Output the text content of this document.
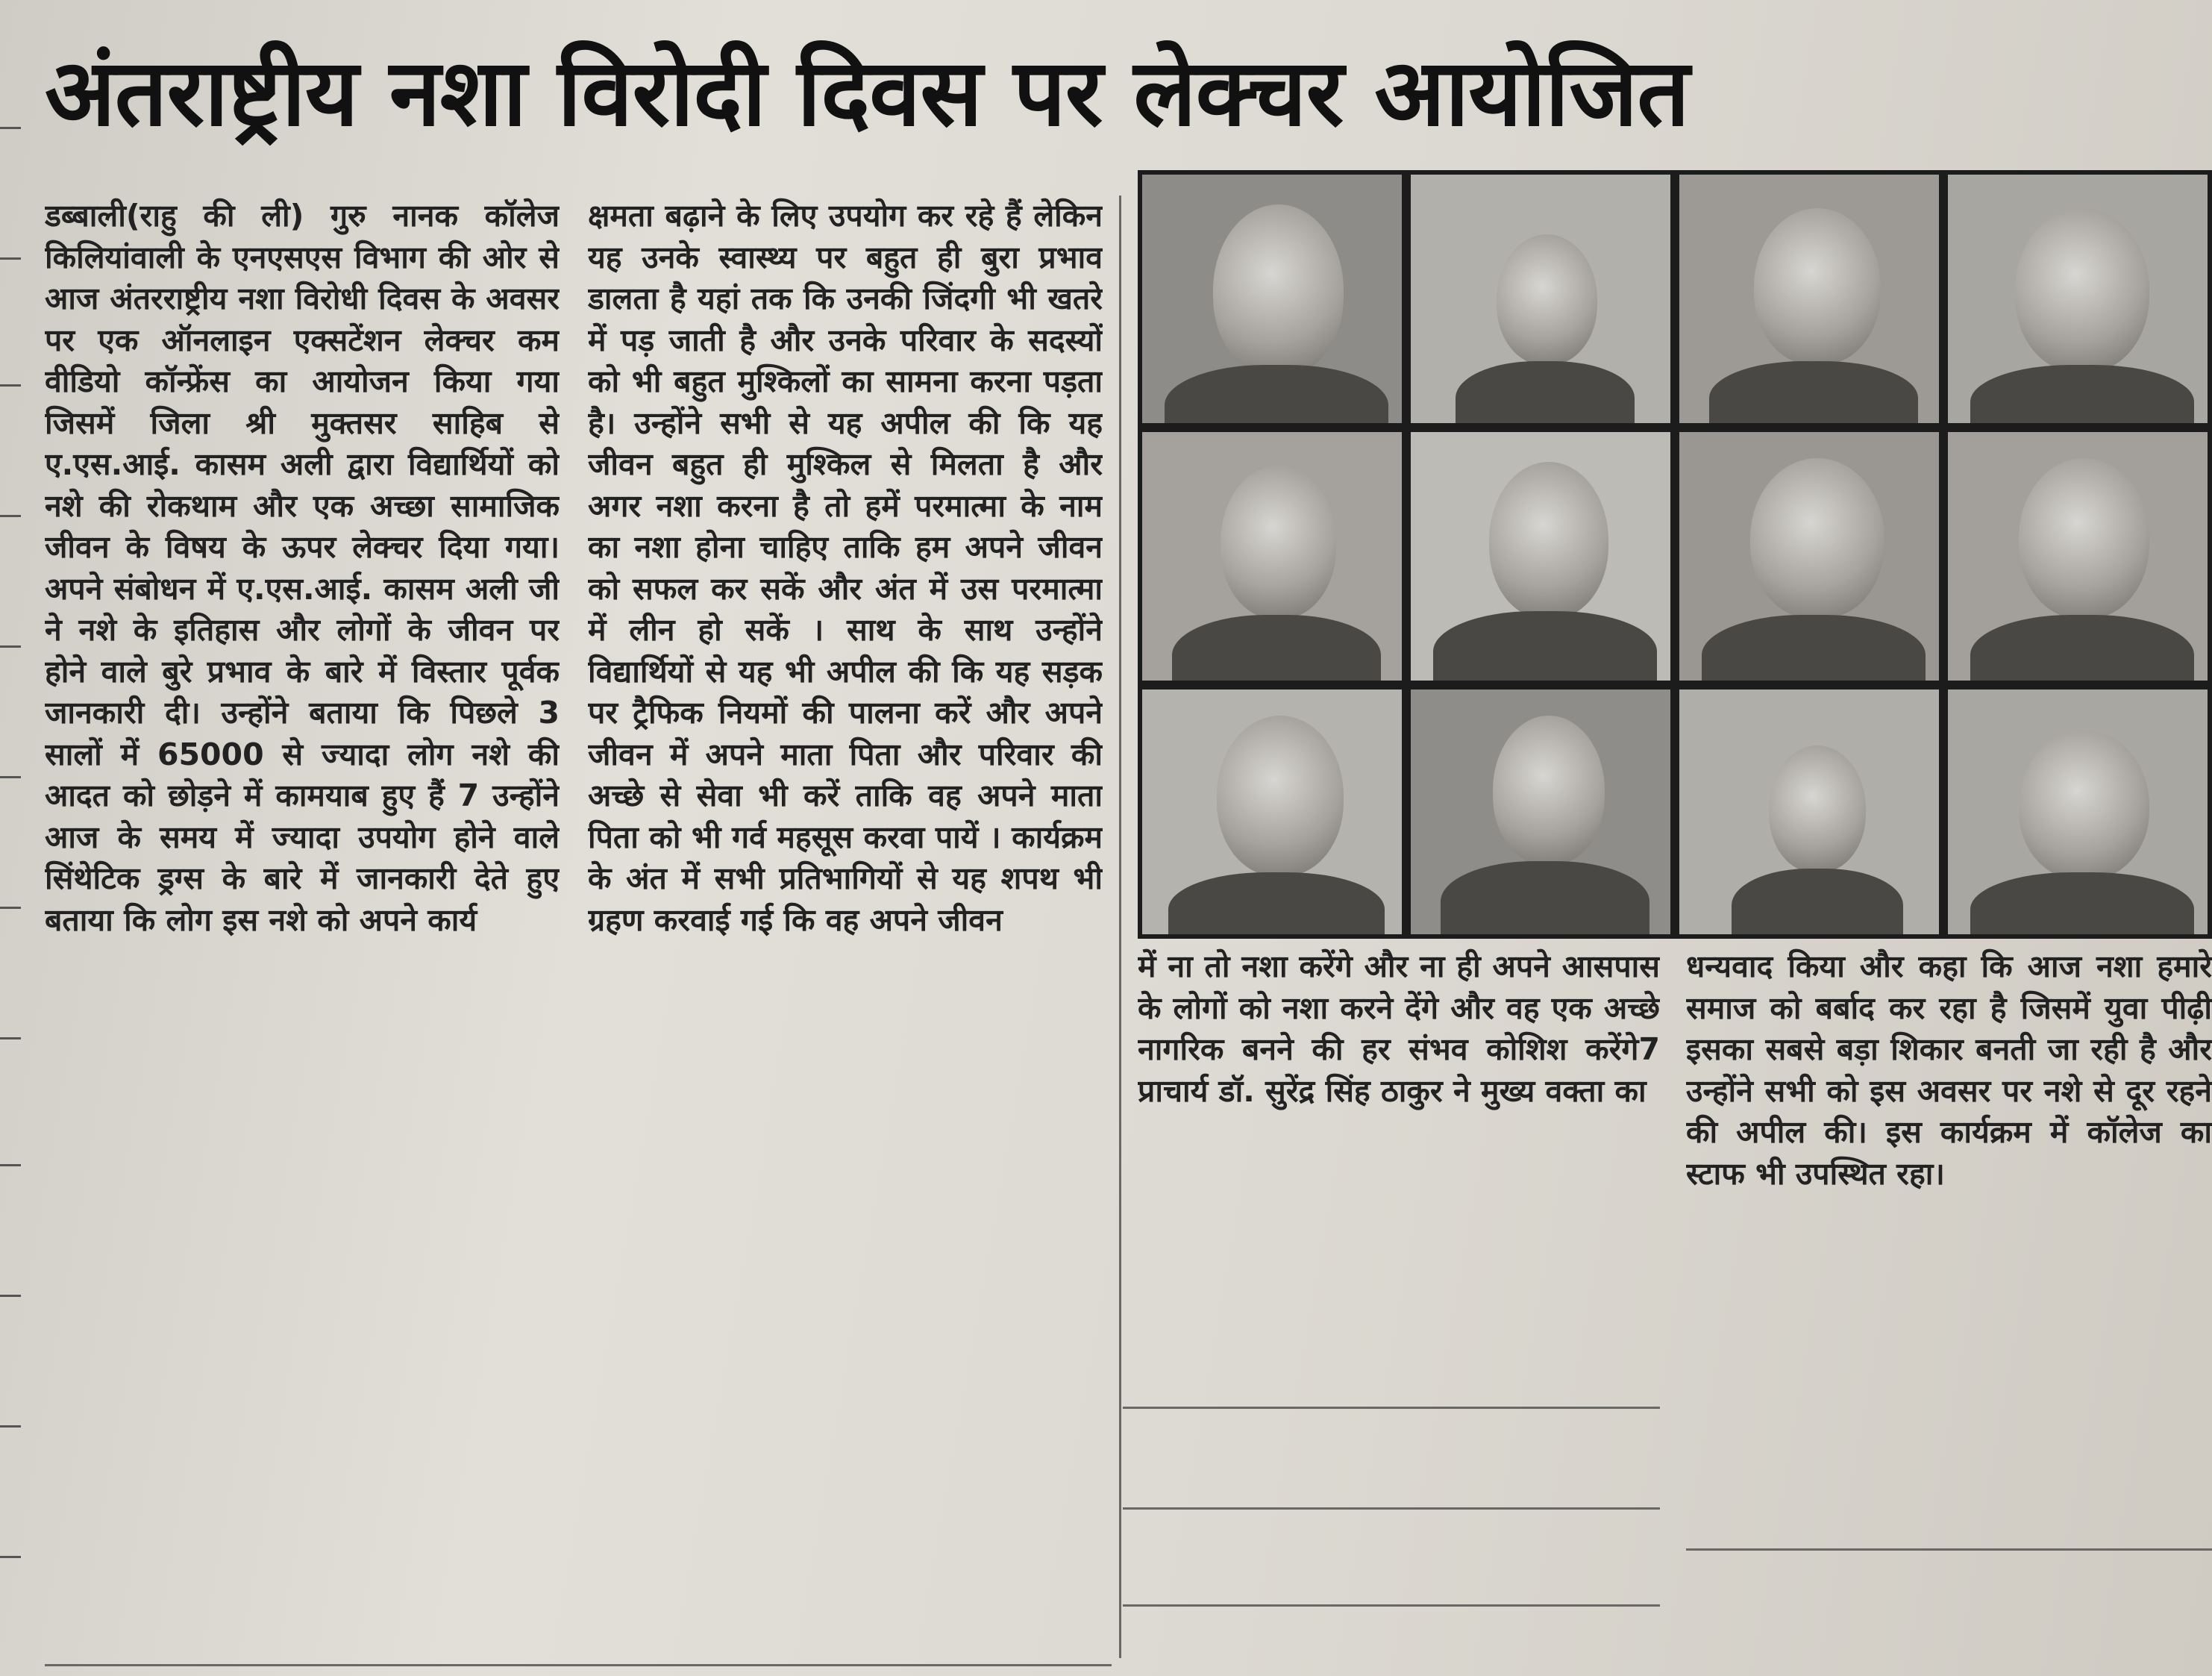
अंतराष्ट्रीय नशा विरोदी दिवस पर लेक्चर आयोजित
डब्बाली(राहु की ली) गुरु नानक कॉलेज किलियांवाली के एनएसएस विभाग की ओर से आज अंतरराष्ट्रीय नशा विरोधी दिवस के अवसर पर एक ऑनलाइन एक्सटेंशन लेक्चर कम वीडियो कॉन्फ्रेंस का आयोजन किया गया जिसमें जिला श्री मुक्तसर साहिब से ए.एस.आई. कासम अली द्वारा विद्यार्थियों को नशे की रोकथाम और एक अच्छा सामाजिक जीवन के विषय के ऊपर लेक्चर दिया गया। अपने संबोधन में ए.एस.आई. कासम अली जी ने नशे के इतिहास और लोगों के जीवन पर होने वाले बुरे प्रभाव के बारे में विस्तार पूर्वक जानकारी दी। उन्होंने बताया कि पिछले 3 सालों में 65000 से ज्यादा लोग नशे की आदत को छोड़ने में कामयाब हुए हैं 7 उन्होंने आज के समय में ज्यादा उपयोग होने वाले सिंथेटिक ड्रग्स के बारे में जानकारी देते हुए बताया कि लोग इस नशे को अपने कार्य
क्षमता बढ़ाने के लिए उपयोग कर रहे हैं लेकिन यह उनके स्वास्थ्य पर बहुत ही बुरा प्रभाव डालता है यहां तक कि उनकी जिंदगी भी खतरे में पड़ जाती है और उनके परिवार के सदस्यों को भी बहुत मुश्किलों का सामना करना पड़ता है। उन्होंने सभी से यह अपील की कि यह जीवन बहुत ही मुश्किल से मिलता है और अगर नशा करना है तो हमें परमात्मा के नाम का नशा होना चाहिए ताकि हम अपने जीवन को सफल कर सकें और अंत में उस परमात्मा में लीन हो सकें । साथ के साथ उन्होंने विद्यार्थियों से यह भी अपील की कि यह सड़क पर ट्रैफिक नियमों की पालना करें और अपने जीवन में अपने माता पिता और परिवार की अच्छे से सेवा भी करें ताकि वह अपने माता पिता को भी गर्व महसूस करवा पायें । कार्यक्रम के अंत में सभी प्रतिभागियों से यह शपथ भी ग्रहण करवाई गई कि वह अपने जीवन
में ना तो नशा करेंगे और ना ही अपने आसपास के लोगों को नशा करने देंगे और वह एक अच्छे नागरिक बनने की हर संभव कोशिश करेंगे7 प्राचार्य डॉ. सुरेंद्र सिंह ठाकुर ने मुख्य वक्ता का
धन्यवाद किया और कहा कि आज नशा हमारे समाज को बर्बाद कर रहा है जिसमें युवा पीढ़ी इसका सबसे बड़ा शिकार बनती जा रही है और उन्होंने सभी को इस अवसर पर नशे से दूर रहने की अपील की। इस कार्यक्रम में कॉलेज का स्टाफ भी उपस्थित रहा।
